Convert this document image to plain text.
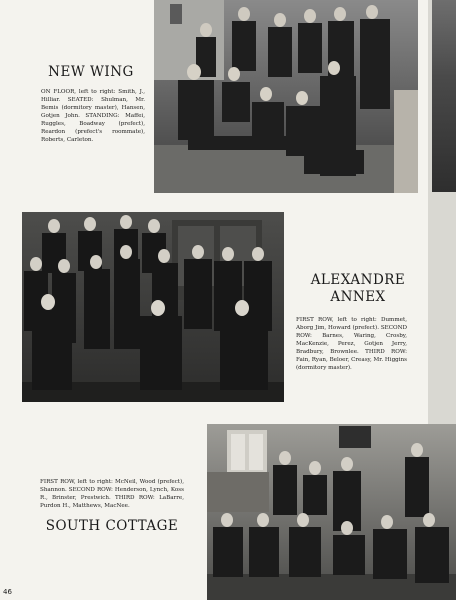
NEW WING

ON FLOOR, left to right: Smith, J., Hilliar. SEATED: Shulman, Mr. Bemis (dormitory master), Hansen, Gotjen John. STANDING: Maffei, Ruggles, Boadway (prefect), Reardon (prefect's roommate), Roberts, Carleton.

ALEXANDRE ANNEX

FIRST ROW, left to right: Dummet, Aborg Jim, Howard (prefect). SECOND ROW: Barnes, Waring, Crosby, MacKenzie, Perez, Gotjen Jerry, Bradbury, Brownlee. THIRD ROW: Fain, Ryan, Beloer, Creasy, Mr. Higgins (dormitory master).

FIRST ROW, left to right: McNeil, Wood (prefect), Shannon. SECOND ROW: Henderson, Lynch, Koss R., Brinster, Prestwich. THIRD ROW: LaBarre, Purdon H., Matthews, MacNee.

SOUTH COTTAGE
46
